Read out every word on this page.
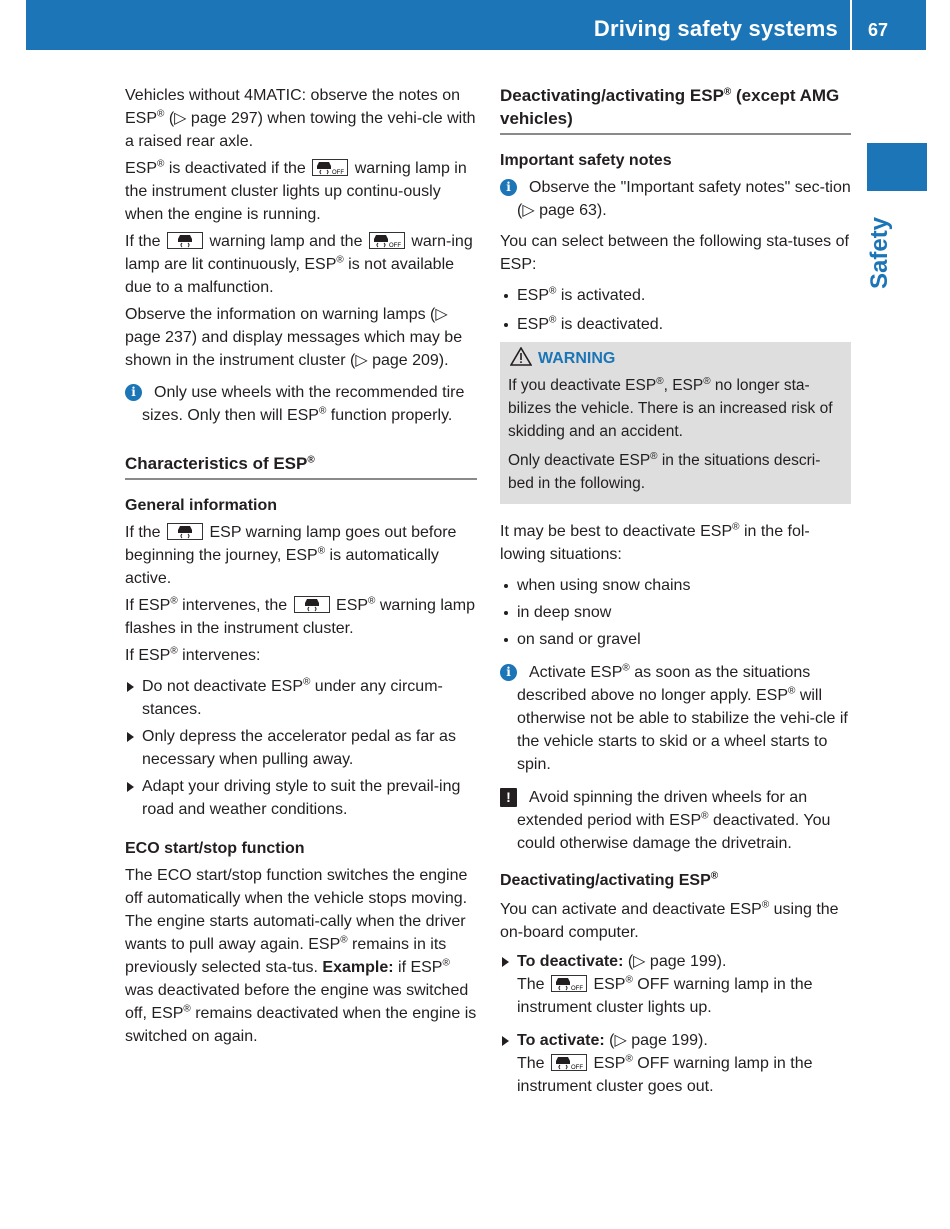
Driving safety systems 67
Safety

Vehicles without 4MATIC: observe the notes on ESP® (▷ page 297) when towing the vehi-cle with a raised rear axle.

ESP® is deactivated if the	OFF warning lamp in the instrument cluster lights up continu-ously when the engine is running.

If the	warning lamp and the	OFF warn-ing lamp are lit continuously, ESP® is not available due to a malfunction.

Observe the information on warning lamps (▷ page 237) and display messages which may be shown in the instrument cluster (▷ page 209).

i	Only use wheels with the recommended tire sizes. Only then will ESP® function properly.
Characteristics of ESP®
General information

If the	ESP warning lamp goes out before beginning the journey, ESP® is automatically active.

If ESP® intervenes, the	ESP® warning lamp flashes in the instrument cluster.

If ESP® intervenes:

Do not deactivate ESP® under any circum-stances.
Only depress the accelerator pedal as far as necessary when pulling away.
Adapt your driving style to suit the prevail-ing road and weather conditions.
ECO start/stop function

The ECO start/stop function switches the engine off automatically when the vehicle stops moving. The engine starts automati-cally when the driver wants to pull away again. ESP® remains in its previously selected sta-tus. Example: if ESP® was deactivated before the engine was switched off, ESP® remains deactivated when the engine is switched on again.

Deactivating/activating ESP® (except AMG vehicles)
Important safety notes
i	Observe the "Important safety notes" sec-tion (▷ page 63).

You can select between the following sta-tuses of ESP:

ESP® is activated.
ESP® is deactivated.
WARNING

If you deactivate ESP®, ESP® no longer sta-bilizes the vehicle. There is an increased risk of skidding and an accident.

Only deactivate ESP® in the situations descri-bed in the following.

It may be best to deactivate ESP® in the fol-lowing situations:

when using snow chains
in deep snow
on sand or gravel
i	Activate ESP® as soon as the situations described above no longer apply. ESP® will otherwise not be able to stabilize the vehi-cle if the vehicle starts to skid or a wheel starts to spin.
!	Avoid spinning the driven wheels for an extended period with ESP® deactivated. You could otherwise damage the drivetrain.
Deactivating/activating ESP®

You can activate and deactivate ESP® using the on-board computer.

To deactivate: (▷ page 199).
The	OFF ESP® OFF warning lamp in the instrument cluster lights up.
To activate: (▷ page 199).
The	OFF ESP® OFF warning lamp in the instrument cluster goes out.
